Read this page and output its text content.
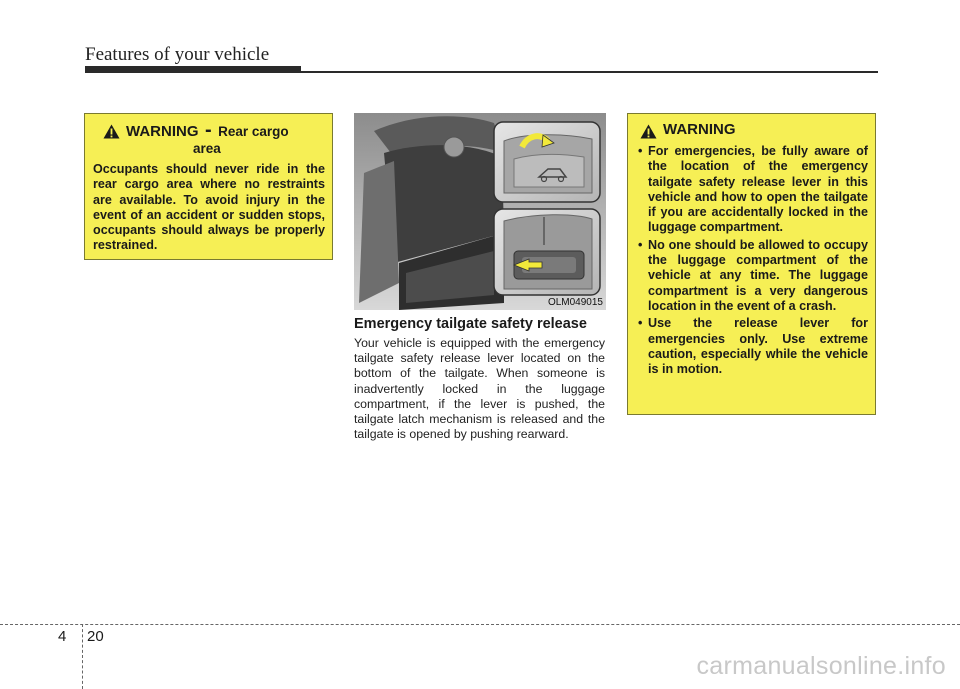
Features of your vehicle
WARNING - Rear cargo
area
Occupants should never ride in the rear cargo area where no restraints are available. To avoid injury in the event of an accident or sudden stops, occupants should always be properly restrained.
OLM049015
Emergency tailgate safety release
Your vehicle is equipped with the emergency tailgate safety release lever located on the bottom of the tailgate. When someone is inadvertently locked in the luggage compartment, if the lever is pushed, the tailgate latch mechanism is released and the tailgate is opened by pushing rearward.
WARNING
• For emergencies, be fully aware of the location of the emergency tailgate safety release lever in this vehicle and how to open the tailgate if you are accidentally locked in the luggage compartment.
• No one should be allowed to occupy the luggage compartment of the vehicle at any time. The luggage compartment is a very dangerous location in the event of a crash.
• Use the release lever for emergencies only. Use extreme caution, especially while the vehicle is in motion.
4 20
carmanualsonline.info
